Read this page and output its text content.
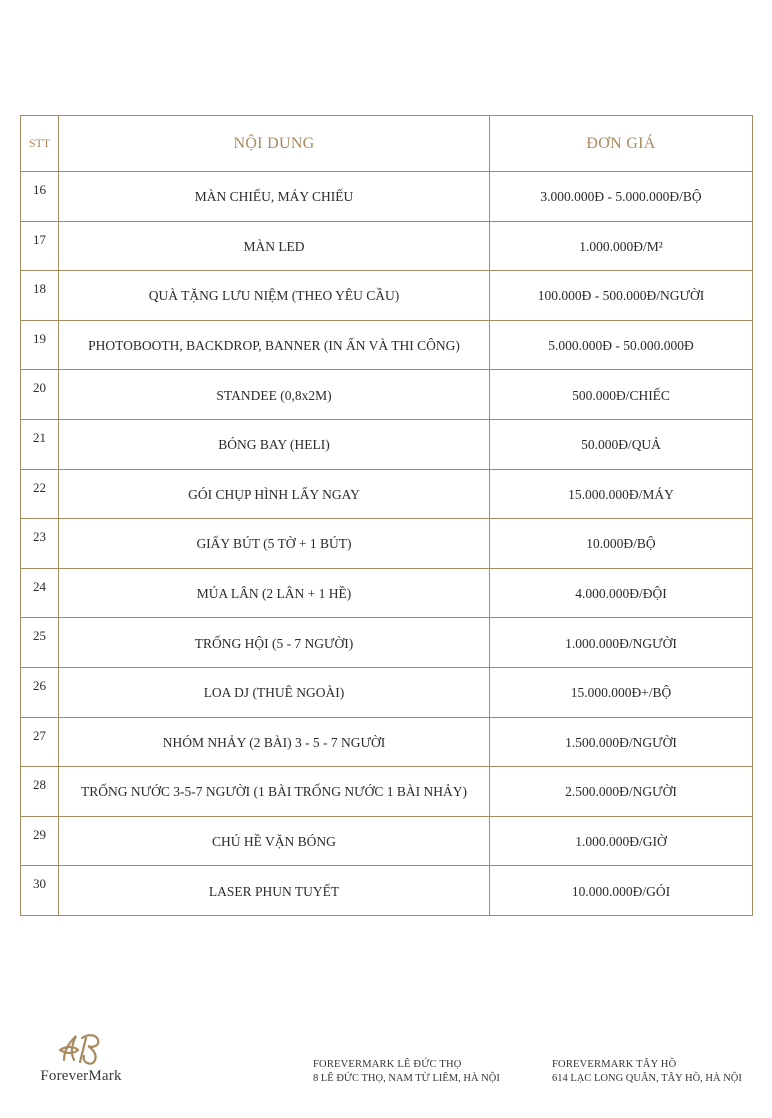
STT	NỘI DUNG	ĐƠN GIÁ
16	MÀN CHIẾU, MÁY CHIẾU	3.000.000Đ - 5.000.000Đ/BỘ
17	MÀN LED	1.000.000Đ/M²
18	QUÀ TẶNG LƯU NIỆM (THEO YÊU CẦU)	100.000Đ - 500.000Đ/NGƯỜI
19	PHOTOBOOTH, BACKDROP, BANNER (IN ẤN VÀ THI CÔNG)	5.000.000Đ - 50.000.000Đ
20	STANDEE (0,8x2M)	500.000Đ/CHIẾC
21	BÓNG BAY (HELI)	50.000Đ/QUẢ
22	GÓI CHỤP HÌNH LẤY NGAY	15.000.000Đ/MÁY
23	GIẤY BÚT (5 TỜ + 1 BÚT)	10.000Đ/BỘ
24	MÚA LÂN (2 LÂN + 1 HỀ)	4.000.000Đ/ĐỘI
25	TRỐNG HỘI (5 - 7 NGƯỜI)	1.000.000Đ/NGƯỜI
26	LOA DJ (THUÊ NGOÀI)	15.000.000Đ+/BỘ
27	NHÓM NHẢY (2 BÀI) 3 - 5 - 7 NGƯỜI	1.500.000Đ/NGƯỜI
28	TRỐNG NƯỚC 3-5-7 NGƯỜI (1 BÀI TRỐNG NƯỚC 1 BÀI NHẢY)	2.500.000Đ/NGƯỜI
29	CHÚ HỀ VẶN BÓNG	1.000.000Đ/GIỜ
30	LASER PHUN TUYẾT	10.000.000Đ/GÓI
ForeverMark
FOREVERMARK LÊ ĐỨC THỌ
8 LÊ ĐỨC THỌ, NAM TỪ LIÊM, HÀ NỘI
FOREVERMARK TÂY HỒ
614 LẠC LONG QUÂN, TÂY HỒ, HÀ NỘI
